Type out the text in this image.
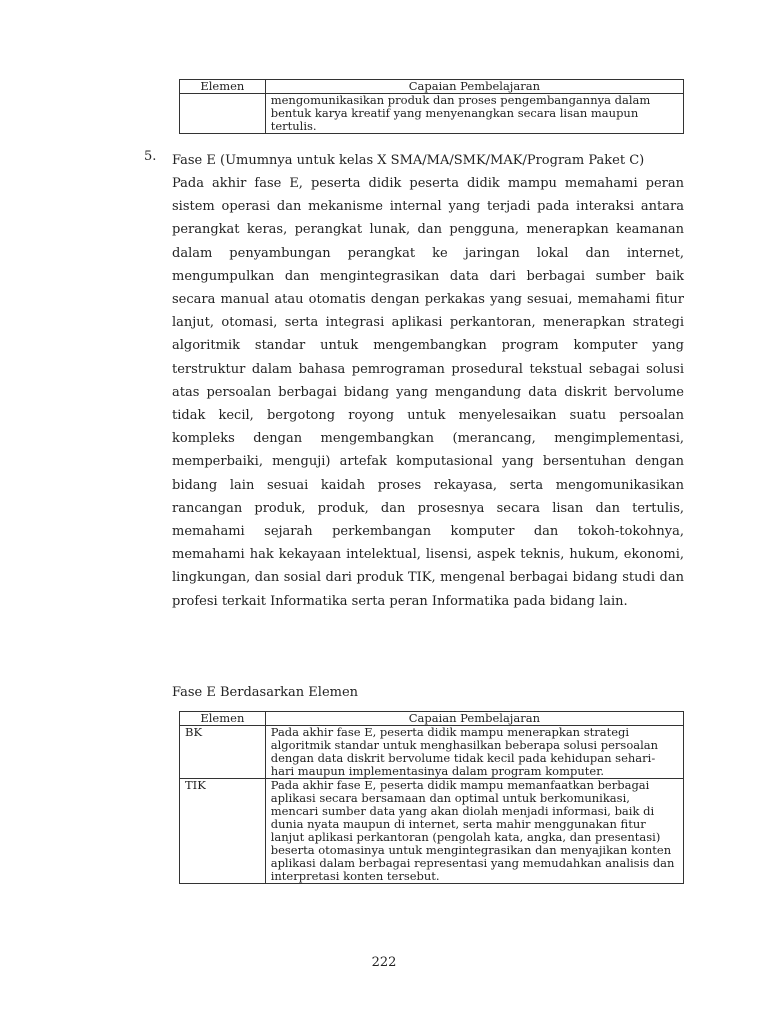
Elemen	Capaian Pembelajaran
	mengomunikasikan produk dan proses pengembangannya dalam bentuk karya kreatif yang menyenangkan secara lisan maupun tertulis.
5. Fase E (Umumnya untuk kelas X SMA/MA/SMK/MAK/Program Paket C)

Pada akhir fase E, peserta didik peserta didik mampu memahami peran sistem operasi dan mekanisme internal yang terjadi pada interaksi antara perangkat keras, perangkat lunak, dan pengguna, menerapkan keamanan dalam penyambungan perangkat ke jaringan lokal dan internet, mengumpulkan dan mengintegrasikan data dari berbagai sumber baik secara manual atau otomatis dengan perkakas yang sesuai, memahami fitur lanjut, otomasi, serta integrasi aplikasi perkantoran, menerapkan strategi algoritmik standar untuk mengembangkan program komputer yang terstruktur dalam bahasa pemrograman prosedural tekstual sebagai solusi atas persoalan berbagai bidang yang mengandung data diskrit bervolume tidak kecil, bergotong royong untuk menyelesaikan suatu persoalan kompleks dengan mengembangkan (merancang, mengimplementasi, memperbaiki, menguji) artefak komputasional yang bersentuhan dengan bidang lain sesuai kaidah proses rekayasa, serta mengomunikasikan rancangan produk, produk, dan prosesnya secara lisan dan tertulis, memahami sejarah perkembangan komputer dan tokoh-tokohnya, memahami hak kekayaan intelektual, lisensi, aspek teknis, hukum, ekonomi, lingkungan, dan sosial dari produk TIK, mengenal berbagai bidang studi dan profesi terkait Informatika serta peran Informatika pada bidang lain.

Fase E Berdasarkan Elemen
Elemen	Capaian Pembelajaran
BK	Pada akhir fase E, peserta didik mampu menerapkan strategi algoritmik standar untuk menghasilkan beberapa solusi persoalan dengan data diskrit bervolume tidak kecil pada kehidupan sehari-hari maupun implementasinya dalam program komputer.
TIK	Pada akhir fase E, peserta didik mampu memanfaatkan berbagai aplikasi secara bersamaan dan optimal untuk berkomunikasi, mencari sumber data yang akan diolah menjadi informasi, baik di dunia nyata maupun di internet, serta mahir menggunakan fitur lanjut aplikasi perkantoran (pengolah kata, angka, dan presentasi) beserta otomasinya untuk mengintegrasikan dan menyajikan konten aplikasi dalam berbagai representasi yang memudahkan analisis dan interpretasi konten tersebut.
222
